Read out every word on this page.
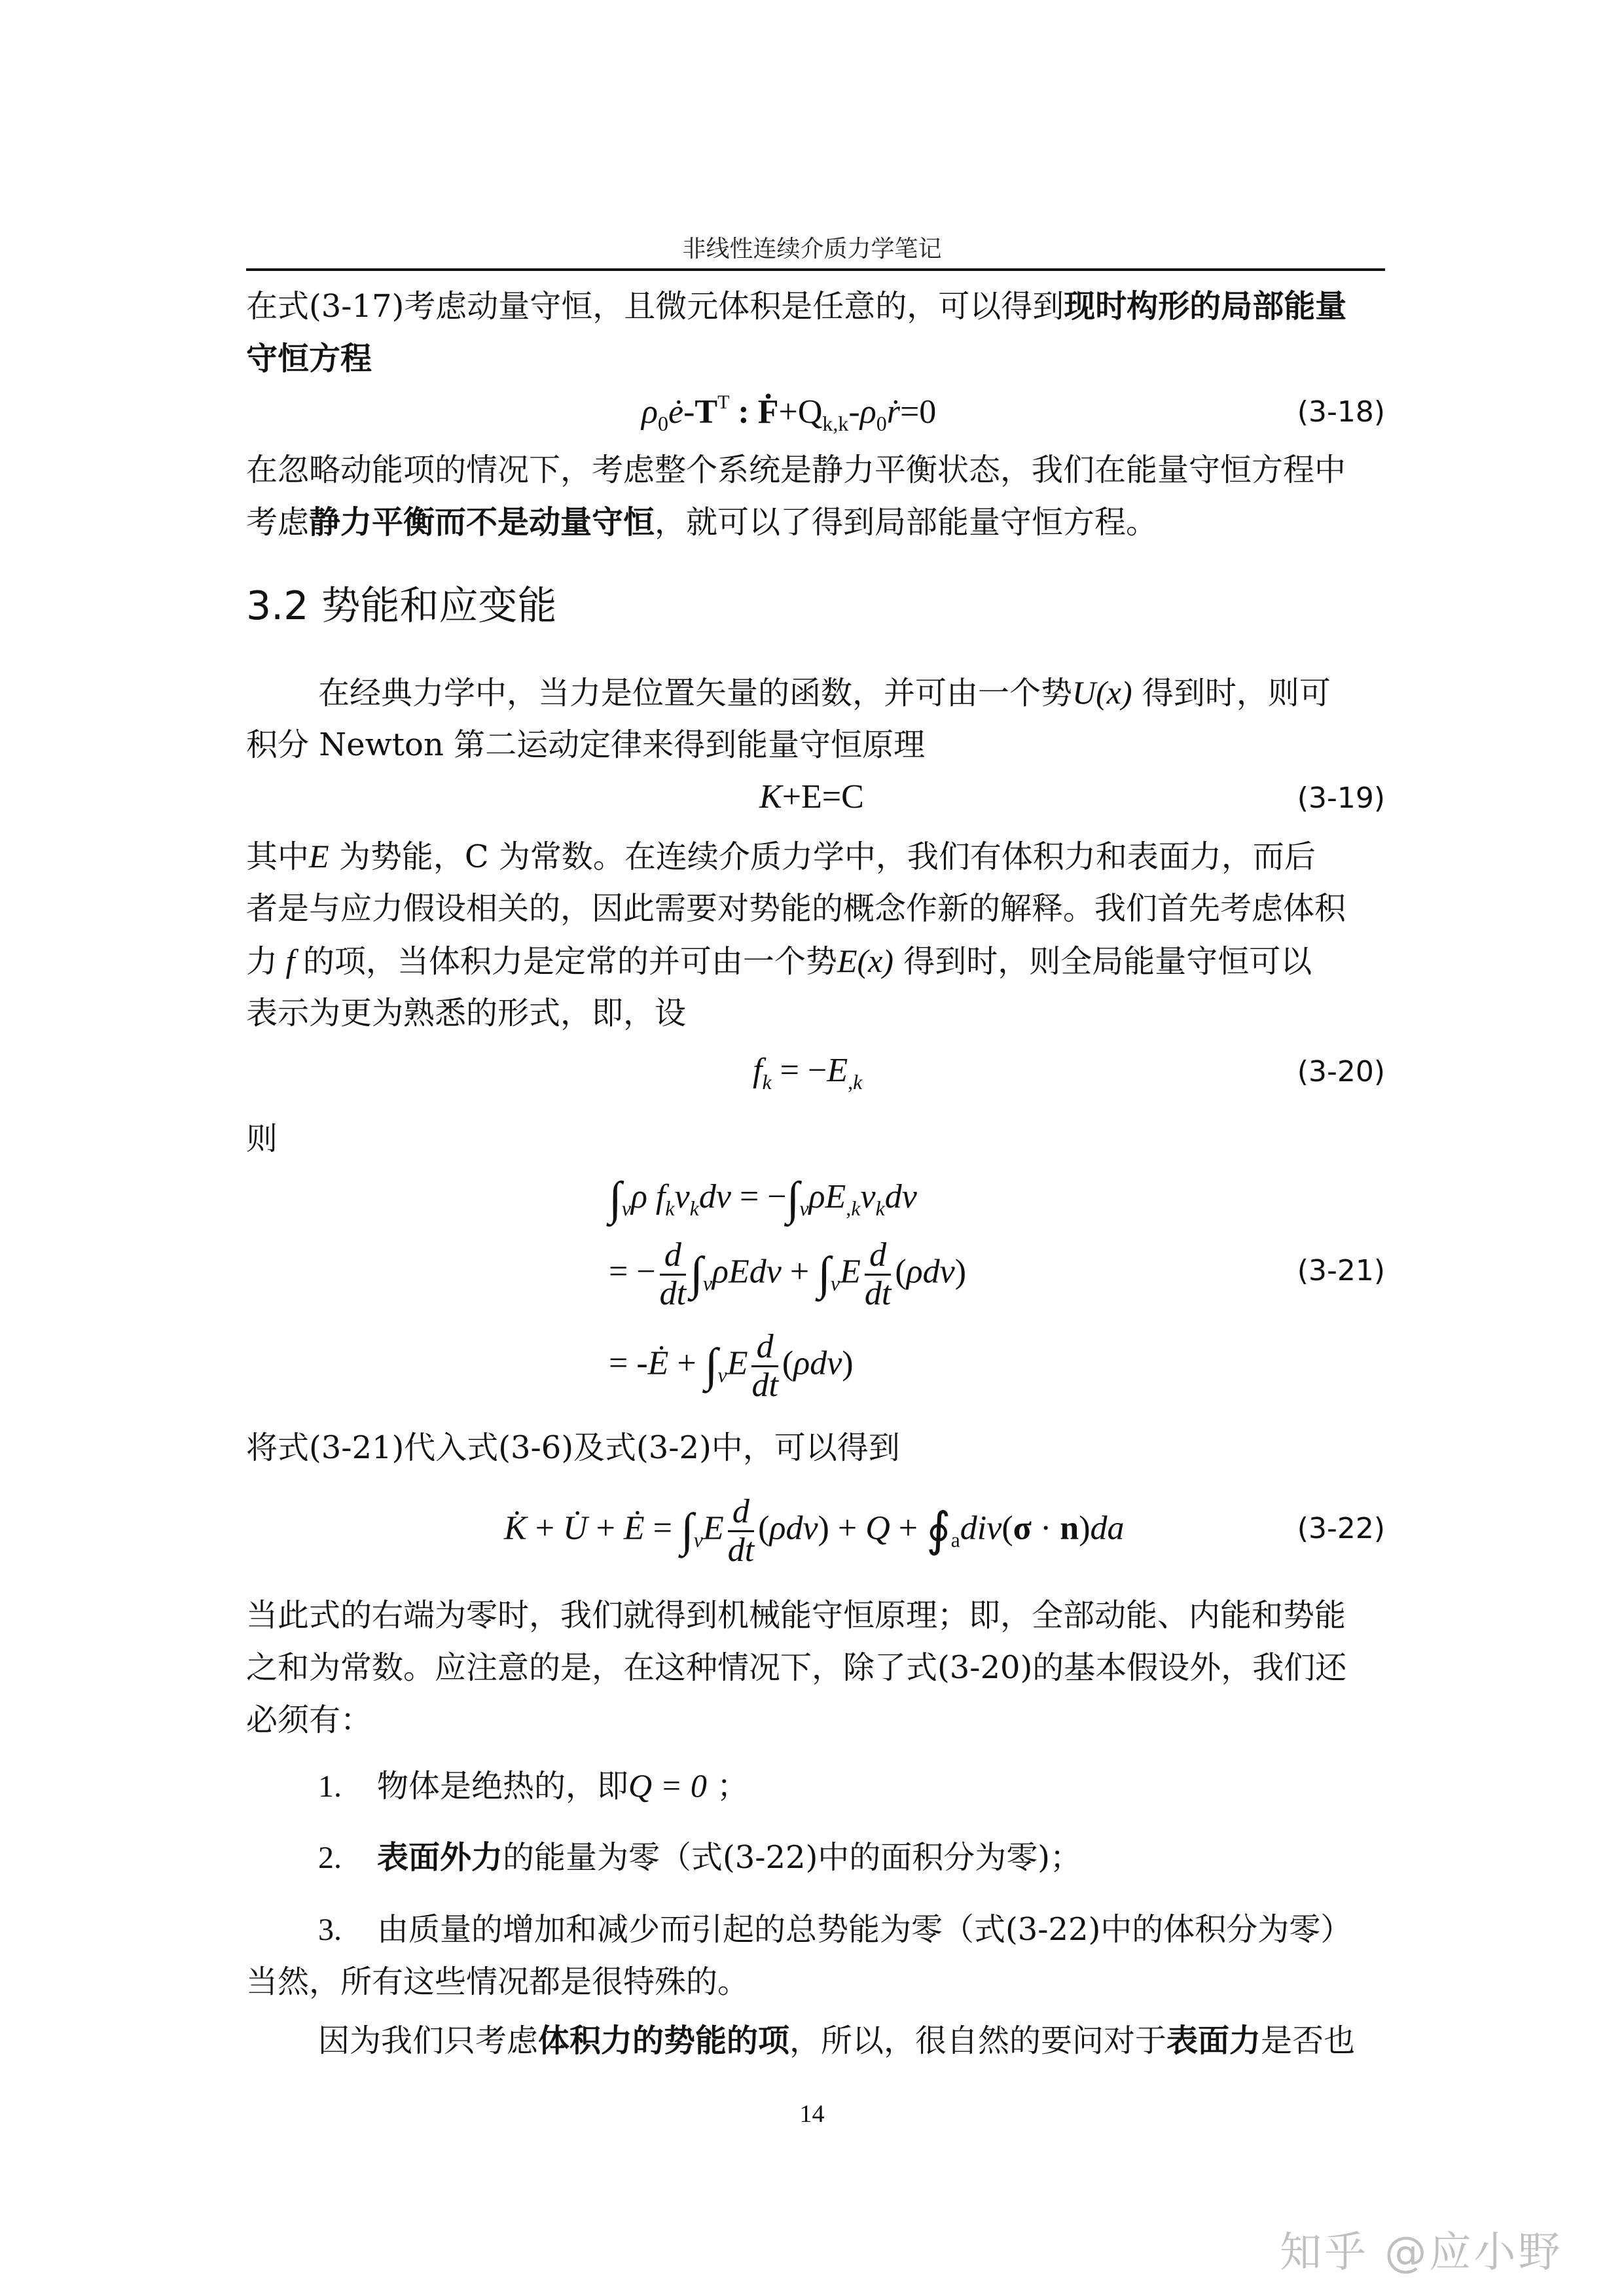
非线性连续介质力学笔记
在式(3-17)考虑动量守恒，且微元体积是任意的，可以得到现时构形的局部能量
守恒方程
$\rho_0ė-T^T$ : $Ḟ+Q_{k,k}-\rho_0ṙ=0$	(3-18)
在忽略动能项的情况下，考虑整个系统是静力平衡状态，我们在能量守恒方程中
考虑静力平衡而不是动量守恒，就可以了得到局部能量守恒方程。
3.2 势能和应变能
在经典力学中，当力是位置矢量的函数，并可由一个势U(x) 得到时，则可
积分 Newton 第二运动定律来得到能量守恒原理
K+E=C	(3-19)
其中E 为势能，C 为常数。在连续介质力学中，我们有体积力和表面力，而后
者是与应力假设相关的，因此需要对势能的概念作新的解释。我们首先考虑体积
力 f 的项，当体积力是定常的并可由一个势E(x) 得到时，则全局能量守恒可以
表示为更为熟悉的形式，即，设
$f_k = -E_{,k}$	(3-20)
则
$\int_v\rho$ $f_kv_kdv = -\int_v\rho E_{,k}v_kdv$
= − $\frac{d}{dt} \int_v\rho Edv + \int_vE \frac{d}{dt} (\rho dv)$	(3-21)
= -Ė + $\int_vE \frac{d}{dt} (\rho dv)$
将式(3-21)代入式(3-6)及式(3-2)中，可以得到
K̇ + U̇ + Ė = $\int_vE \frac{d}{dt} (\rho dv) + Q$ + $∮_adiv(\sigma \cdot n)da$	(3-22)
当此式的右端为零时，我们就得到机械能守恒原理；即，全部动能、内能和势能
之和为常数。应注意的是，在这种情况下，除了式(3-20)的基本假设外，我们还
必须有：
1. 物体是绝热的，即Q = 0 ；
2. 表面外力的能量为零（式(3-22)中的面积分为零)；
3. 由质量的增加和减少而引起的总势能为零（式(3-22)中的体积分为零）
当然，所有这些情况都是很特殊的。
因为我们只考虑体积力的势能的项，所以，很自然的要问对于表面力是否也
14
知乎 @应小野
